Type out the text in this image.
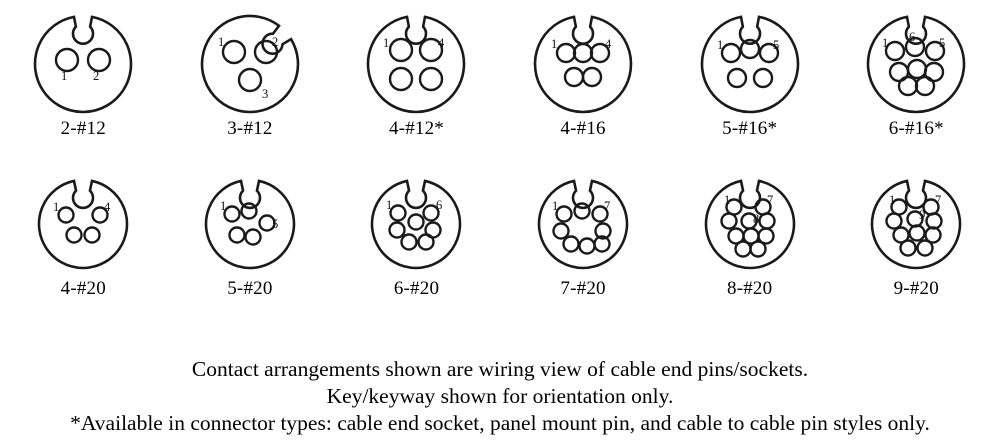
1 2
2-#12
1	2
3
3-#12
1	4
4-#12*
1	4
4-#16
1	5
5-#16*
1 6 5
6-#16*
1	4
4-#20
1
5
5-#20
1	6
6-#20
1	7
7-#20
1	7
8
8-#20
1	7
9
9-#20
Contact arrangements shown are wiring view of cable end pins/sockets.
Key/keyway shown for orientation only.
*Available in connector types: cable end socket, panel mount pin, and cable to cable pin styles only.
